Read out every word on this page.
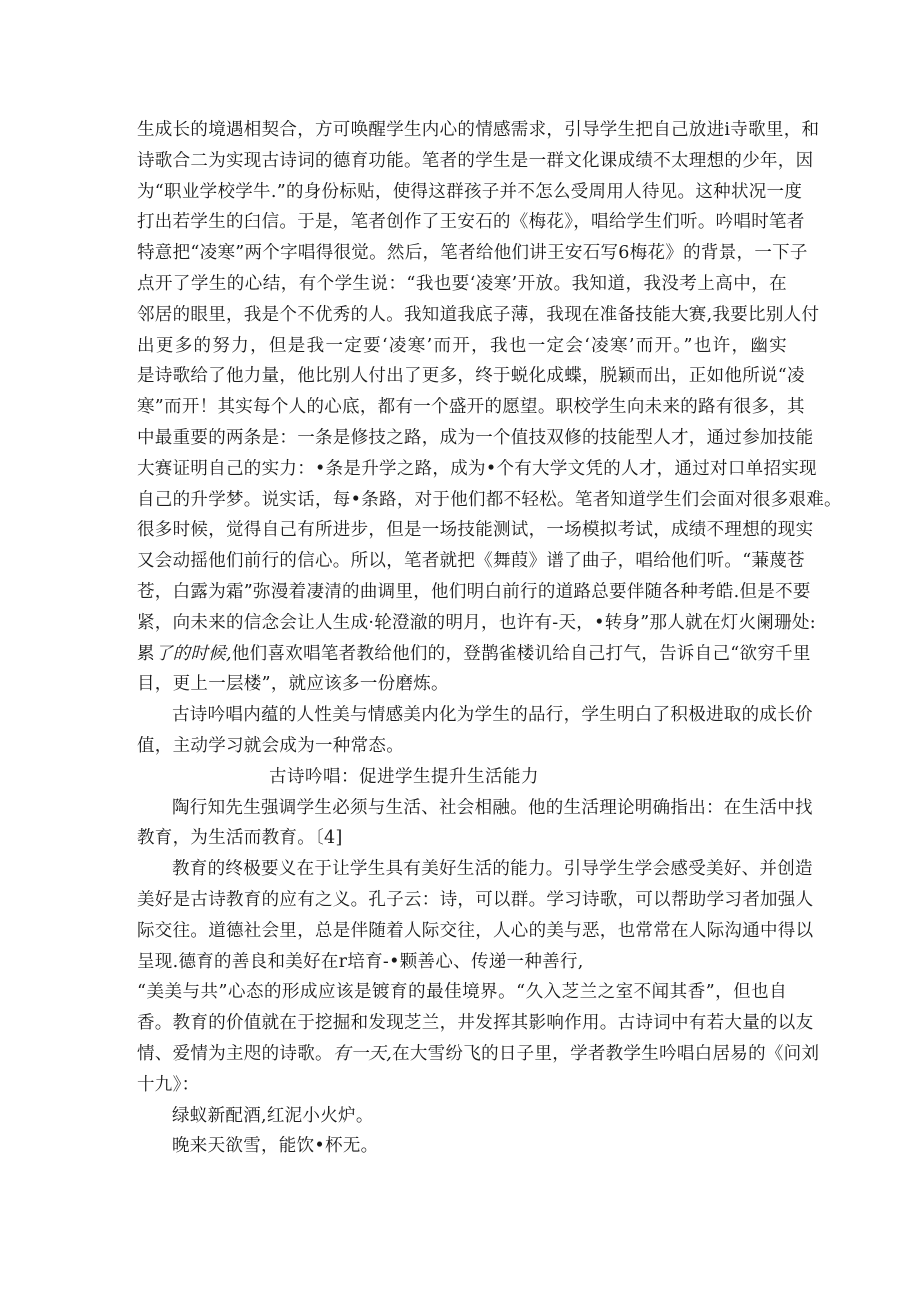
生成长的境遇相契合，方可唤醒学生内心的情感需求，引导学生把自己放进i寺歌里，和
诗歌合二为实现古诗词的德育功能。笔者的学生是一群文化课成绩不太理想的少年，因
为“职业学校学牛.”的身份标贴，使得这群孩子并不怎么受周用人待见。这种状况一度
打出若学生的臼信。于是，笔者创作了王安石的《梅花》，唱给学生们听。吟唱时笔者
特意把“凌寒”两个字唱得很觉。然后，笔者给他们讲王安石写6梅花》的背景，一下子
点开了学生的心结，有个学生说：“我也要‘凌寒’开放。我知道，我没考上高中，在
邻居的眼里，我是个不优秀的人。我知道我底子薄，我现在准备技能大赛,我要比别人付
出更多的努力，但是我一定要‘凌寒’而开，我也一定会‘凌寒’而开。”也许，幽实
是诗歌给了他力量，他比别人付出了更多，终于蜕化成蝶，脱颖而出，正如他所说“凌
寒”而开！其实每个人的心底，都有一个盛开的愿望。职校学生向未来的路有很多，其
中最重要的两条是：一条是修技之路，成为一个值技双修的技能型人才，通过参加技能
大赛证明自己的实力：•条是升学之路，成为•个有大学文凭的人才，通过对口单招实现
自己的升学梦。说实话，每•条路，对于他们都不轻松。笔者知道学生们会面对很多艰难。
很多时候，觉得自己有所进步，但是一场技能测试，一场模拟考试，成绩不理想的现实
又会动摇他们前行的信心。所以，笔者就把《舞葭》谱了曲子，唱给他们听。“蒹蔑苍
苍，白露为霜”弥漫着凄清的曲调里，他们明白前行的道路总要伴随各种考皓.但是不要
紧，向未来的信念会让人生成·轮澄澈的明月，也许有-天，•转身”那人就在灯火阑珊处:
累了的时候,他们喜欢唱笔者教给他们的，登鹊雀楼讥给自己打气，告诉自己“欲穷千里
目，更上一层楼”，就应该多一份磨炼。
古诗吟唱内蕴的人性美与情感美内化为学生的品行，学生明白了积极进取的成长价
值，主动学习就会成为一种常态。
古诗吟唱：促进学生提升生活能力
陶行知先生强调学生必须与生活、社会相融。他的生活理论明确指出：在生活中找
教育，为生活而教育。〔4]
教育的终极要义在于让学生具有美好生活的能力。引导学生学会感受美好、并创造
美好是古诗教育的应有之义。孔子云：诗，可以群。学习诗歌，可以帮助学习者加强人
际交往。道德社会里，总是伴随着人际交往，人心的美与恶，也常常在人际沟通中得以
呈现.德育的善良和美好在r培育-•颗善心、传递一种善行,
“美美与共”心态的形成应该是镀育的最佳境界。“久入芝兰之室不闻其香”，但也自
香。教育的价值就在于挖掘和发现芝兰，井发挥其影响作用。古诗词中有若大量的以友
情、爱情为主咫的诗歌。有一天,在大雪纷飞的日子里，学者教学生吟唱白居易的《问刘
十九》：
绿蚁新配酒,红泥小火炉。
晚来天欲雪，能饮•杯无。
